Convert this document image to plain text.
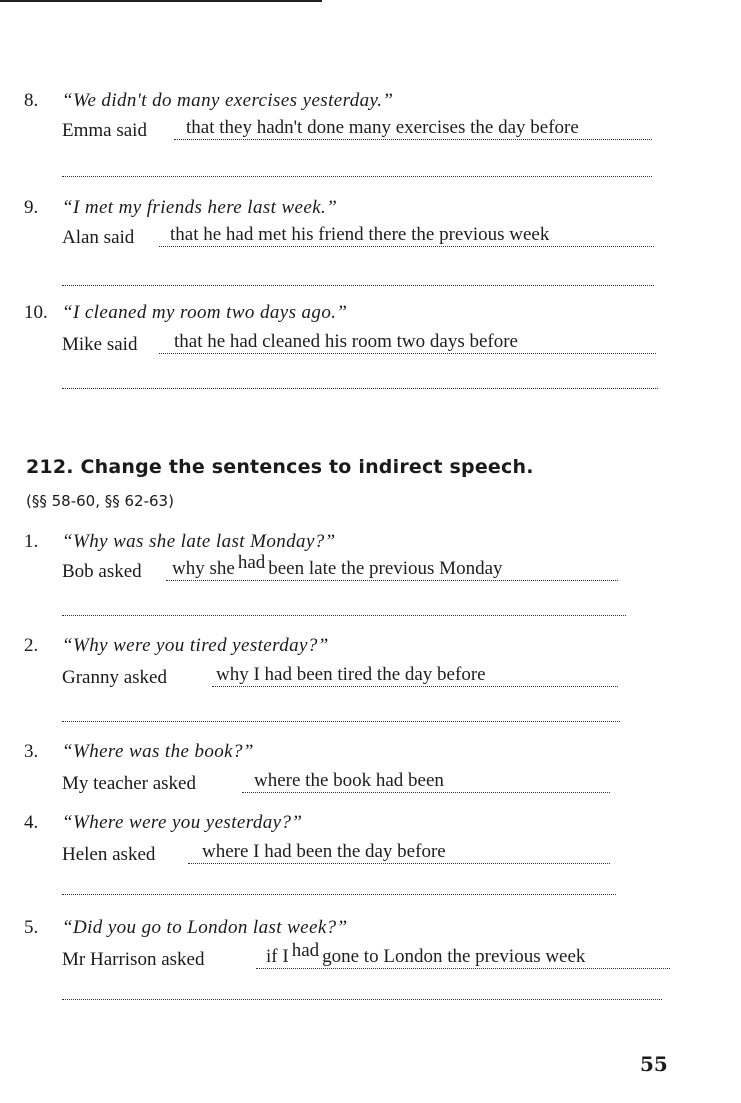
8. “We didn't do many exercises yesterday.”
Emma said that they hadn't done many exercises the day before
9. “I met my friends here last week.”
Alan said that he had met his friend there the previous week
10. “I cleaned my room two days ago.”
Mike said that he had cleaned his room two days before
212. Change the sentences to indirect speech.
(§§ 58-60, §§ 62-63)
1. “Why was she late last Monday?”
Bob asked why she had been late the previous Monday
2. “Why were you tired yesterday?”
Granny asked	why I had been tired the day before
3. “Where was the book?”
My teacher asked	where the book had been
4. “Where were you yesterday?”
Helen asked where I had been the day before
5. “Did you go to London last week?”
Mr Harrison asked	if I had gone to London the previous week
55
